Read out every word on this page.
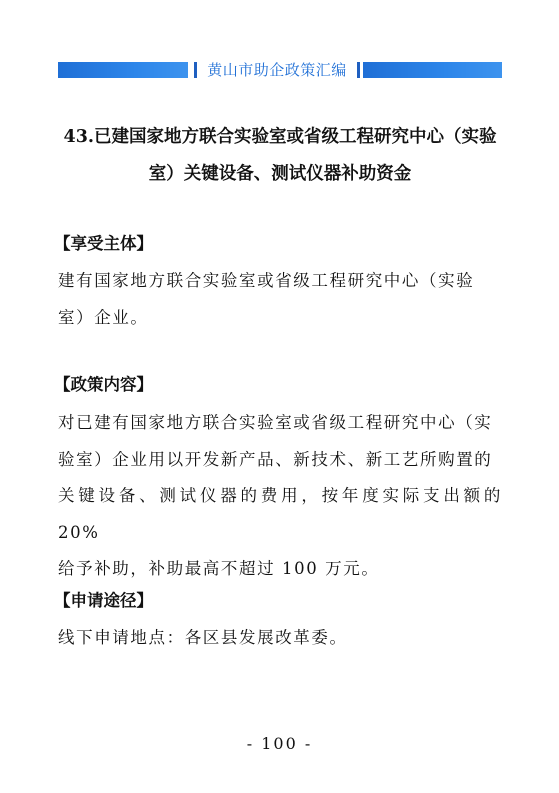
黄山市助企政策汇编
43.已建国家地方联合实验室或省级工程研究中心（实验
室）关键设备、测试仪器补助资金
【享受主体】

建有国家地方联合实验室或省级工程研究中心（实验
室）企业。

【政策内容】

对已建有国家地方联合实验室或省级工程研究中心（实
验室）企业用以开发新产品、新技术、新工艺所购置的
关键设备、测试仪器的费用，按年度实际支出额的 20%
给予补助，补助最高不超过 100 万元。

【申请途径】

线下申请地点：各区县发展改革委。

- 100 -
